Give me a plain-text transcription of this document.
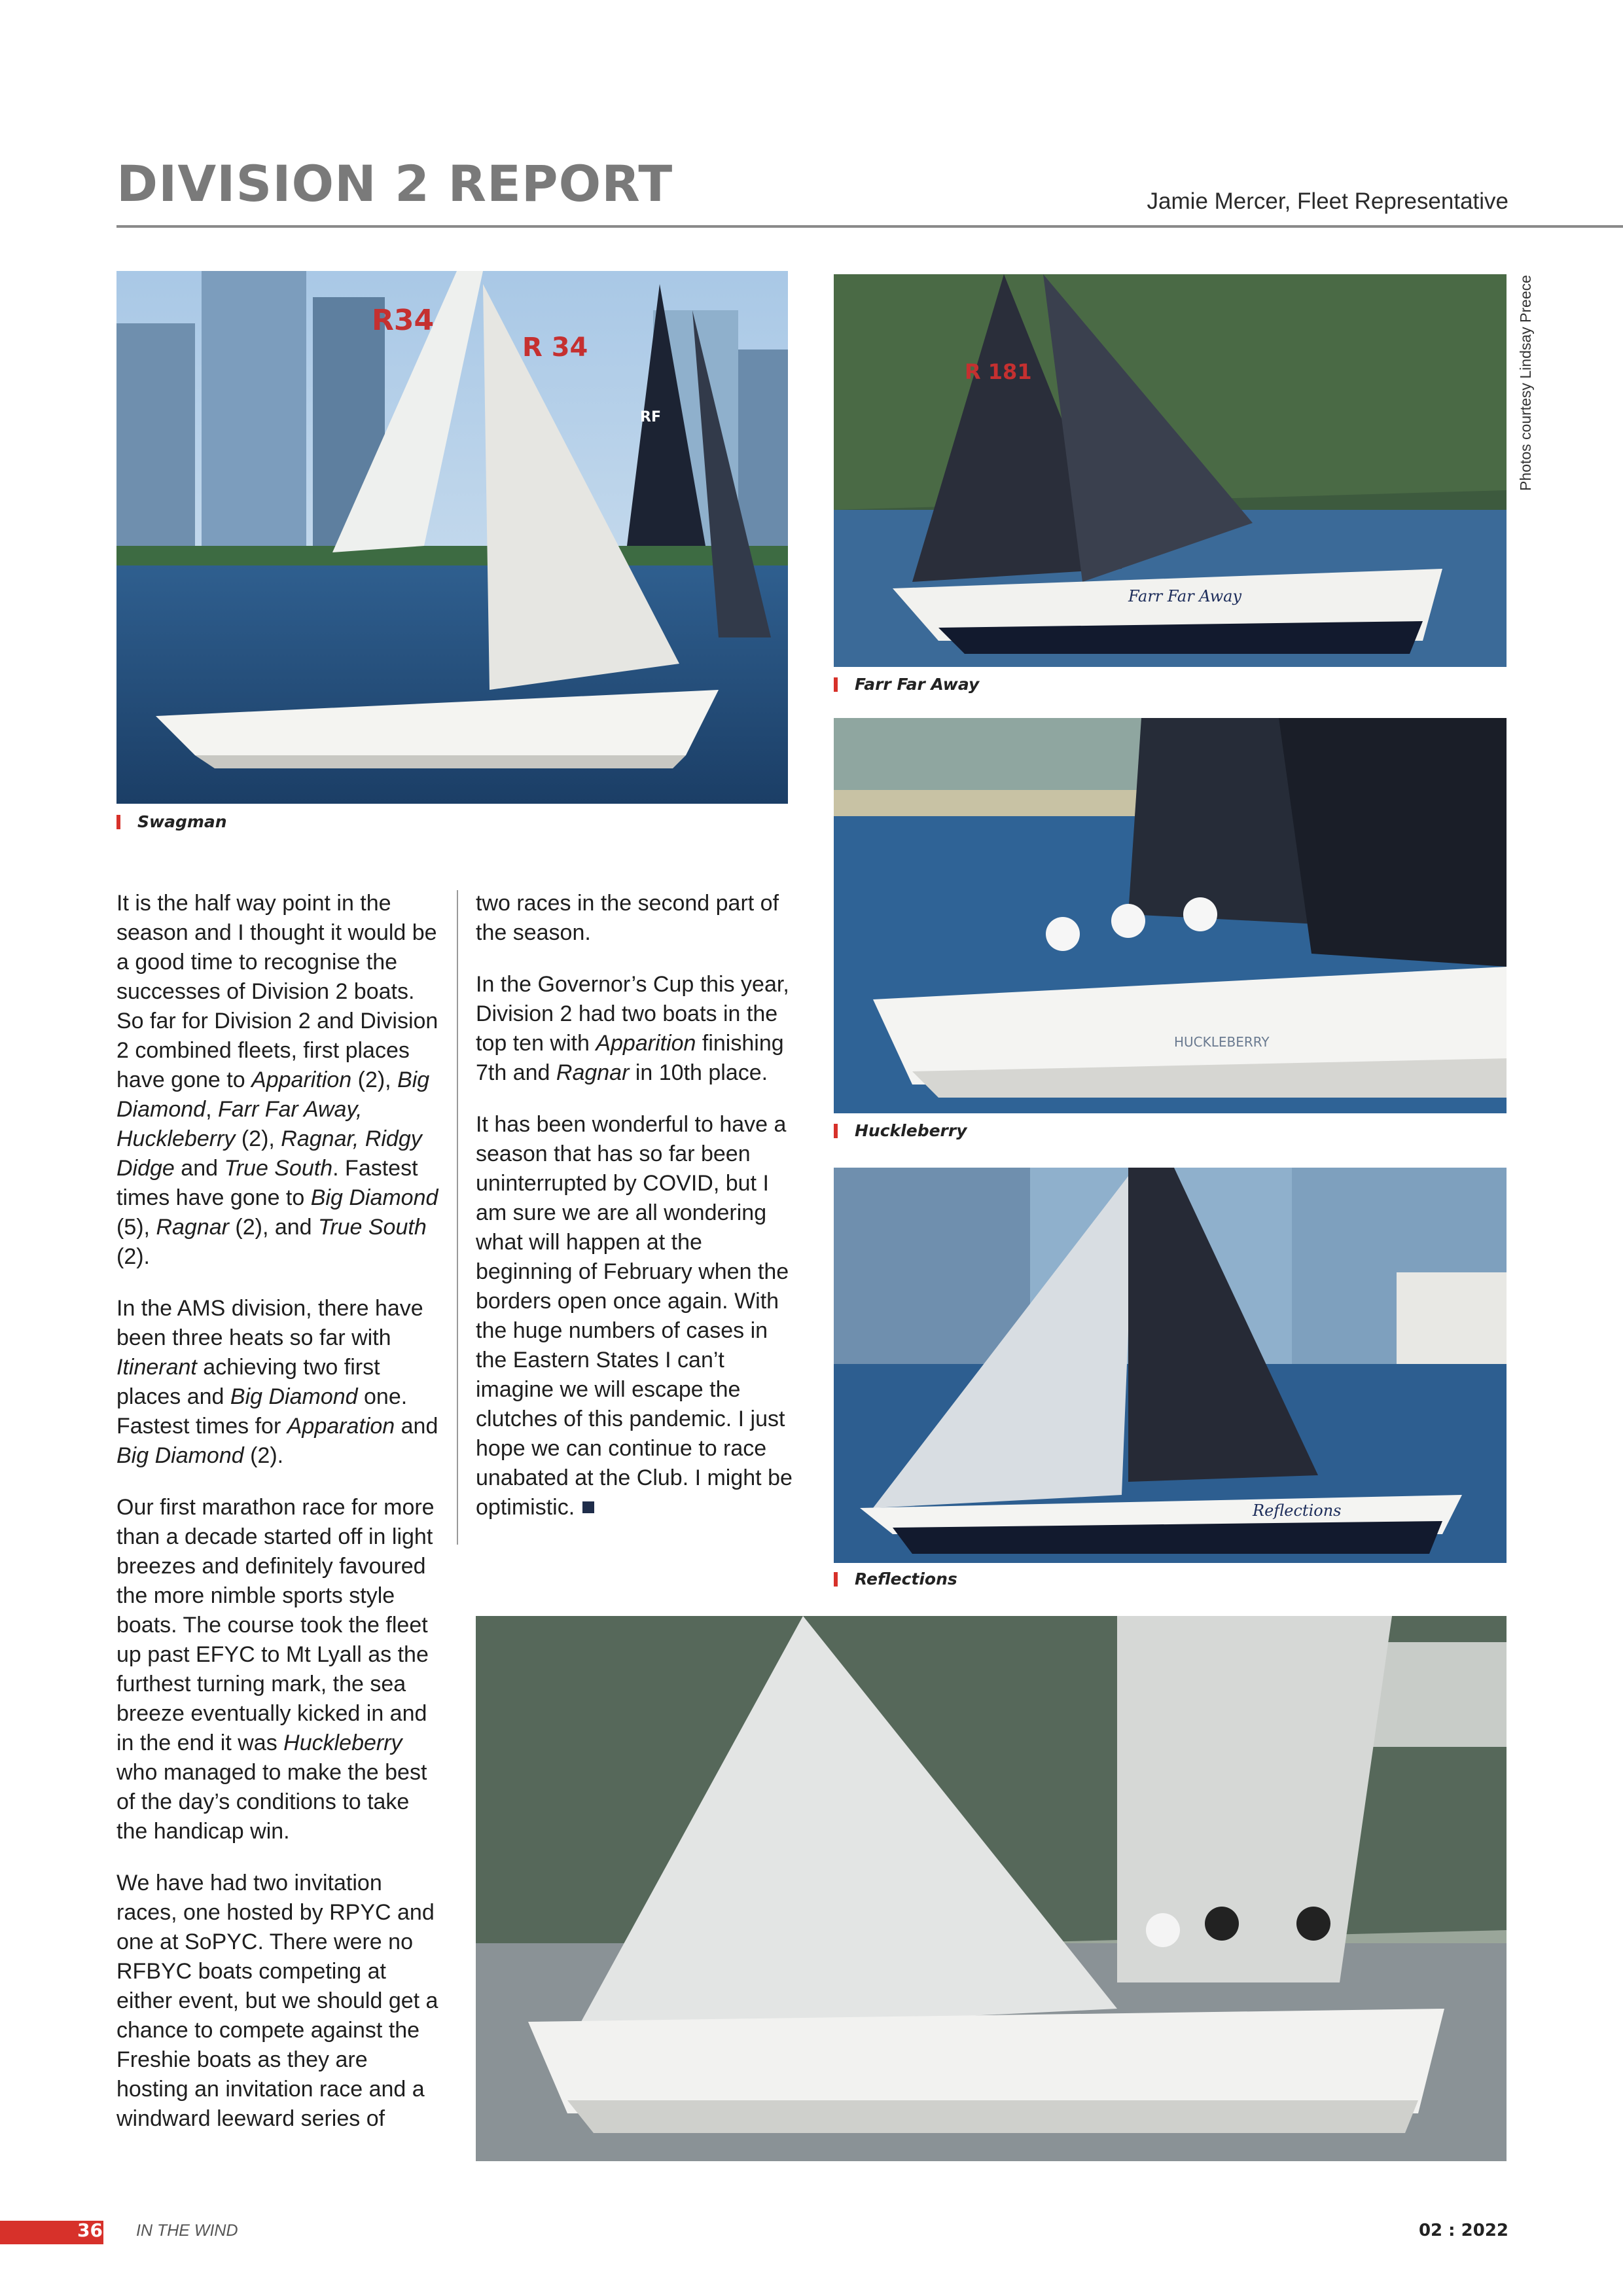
DIVISION 2 REPORT	Jamie Mercer, Fleet Representative
Photos courtesy Lindsay Preece
R34
R 34
RF
Swagman
R 181
Farr Far Away
Farr Far Away
HUCKLEBERRY
Huckleberry
Reflections
Reflections

It is the half way point in the season and I thought it would be a good time to recognise the successes of Division 2 boats. So far for Division 2 and Division 2 combined fleets, first places have gone to Apparition (2), Big Diamond, Farr Far Away, Huckleberry (2), Ragnar, Ridgy Didge and True South. Fastest times have gone to Big Diamond (5), Ragnar (2), and True South (2).

In the AMS division, there have been three heats so far with Itinerant achieving two first places and Big Diamond one. Fastest times for Apparation and Big Diamond (2).

Our first marathon race for more than a decade started off in light breezes and definitely favoured the more nimble sports style boats. The course took the fleet up past EFYC to Mt Lyall as the furthest turning mark, the sea breeze eventually kicked in and in the end it was Huckleberry who managed to make the best of the day’s conditions to take the handicap win.

We have had two invitation races, one hosted by RPYC and one at SoPYC. There were no RFBYC boats competing at either event, but we should get a chance to compete against the Freshie boats as they are hosting an invitation race and a windward leeward series of

two races in the second part of the season.

In the Governor’s Cup this year, Division 2 had two boats in the top ten with Apparition finishing 7th and Ragnar in 10th place.

It has been wonderful to have a season that has so far been uninterrupted by COVID, but I am sure we are all wondering what will happen at the beginning of February when the borders open once again. With the huge numbers of cases in the Eastern States I can’t imagine we will escape the clutches of this pandemic. I just hope we can continue to race unabated at the Club. I might be optimistic.

36 IN THE WIND	02 : 2022
